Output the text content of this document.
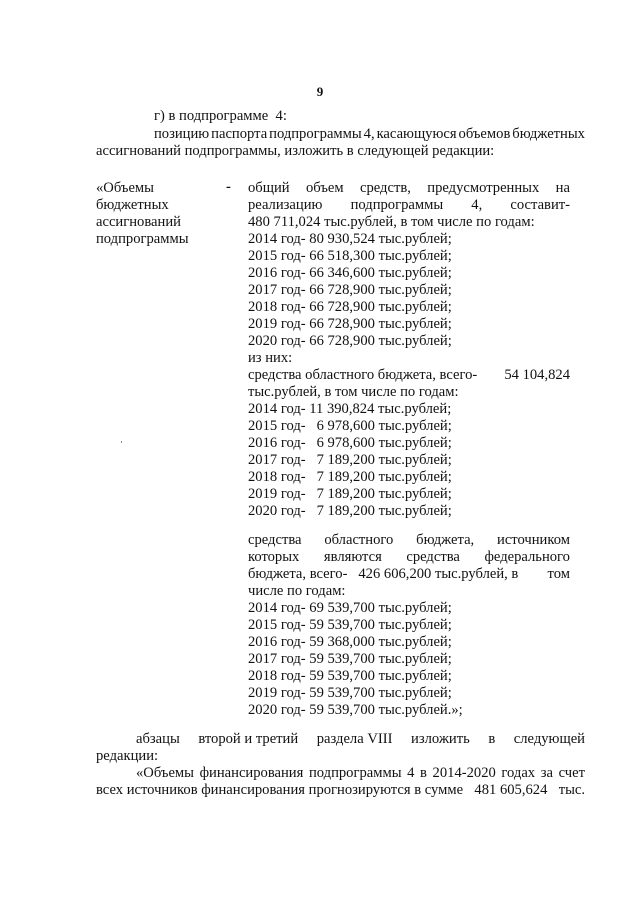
9
г) в подпрограмме  4:
позицию паспорта подпрограммы 4, касающуюся объемов бюджетных
ассигнований подпрограммы, изложить в следующей редакции:
«Объемы
бюджетных
ассигнований
подпрограммы
- общий объем средств, предусмотренных на
реализацию подпрограммы 4, составит-
480 711,024 тыс.рублей, в том числе по годам:
2014 год- 80 930,524 тыс.рублей;
2015 год- 66 518,300 тыс.рублей;
2016 год- 66 346,600 тыс.рублей;
2017 год- 66 728,900 тыс.рублей;
2018 год- 66 728,900 тыс.рублей;
2019 год- 66 728,900 тыс.рублей;
2020 год- 66 728,900 тыс.рублей;
из них:
средства областного бюджета, всего- 54 104,824
тыс.рублей, в том числе по годам:
2014 год- 11 390,824 тыс.рублей;
2015 год-   6 978,600 тыс.рублей;
2016 год-   6 978,600 тыс.рублей;
2017 год-   7 189,200 тыс.рублей;
2018 год-   7 189,200 тыс.рублей;
2019 год-   7 189,200 тыс.рублей;
2020 год-   7 189,200 тыс.рублей;
средства областного бюджета, источником
которых являются средства федерального
бюджета, всего-   426 606,200 тыс.рублей, в том
числе по годам:
2014 год- 69 539,700 тыс.рублей;
2015 год- 59 539,700 тыс.рублей;
2016 год- 59 368,000 тыс.рублей;
2017 год- 59 539,700 тыс.рублей;
2018 год- 59 539,700 тыс.рублей;
2019 год- 59 539,700 тыс.рублей;
2020 год- 59 539,700 тыс.рублей.»;
абзацы второй и третий раздела VIII изложить в следующей
редакции:
«Объемы финансирования подпрограммы 4 в 2014-2020 годах за счет
всех источников финансирования прогнозируются в сумме 481 605,624 тыс.
